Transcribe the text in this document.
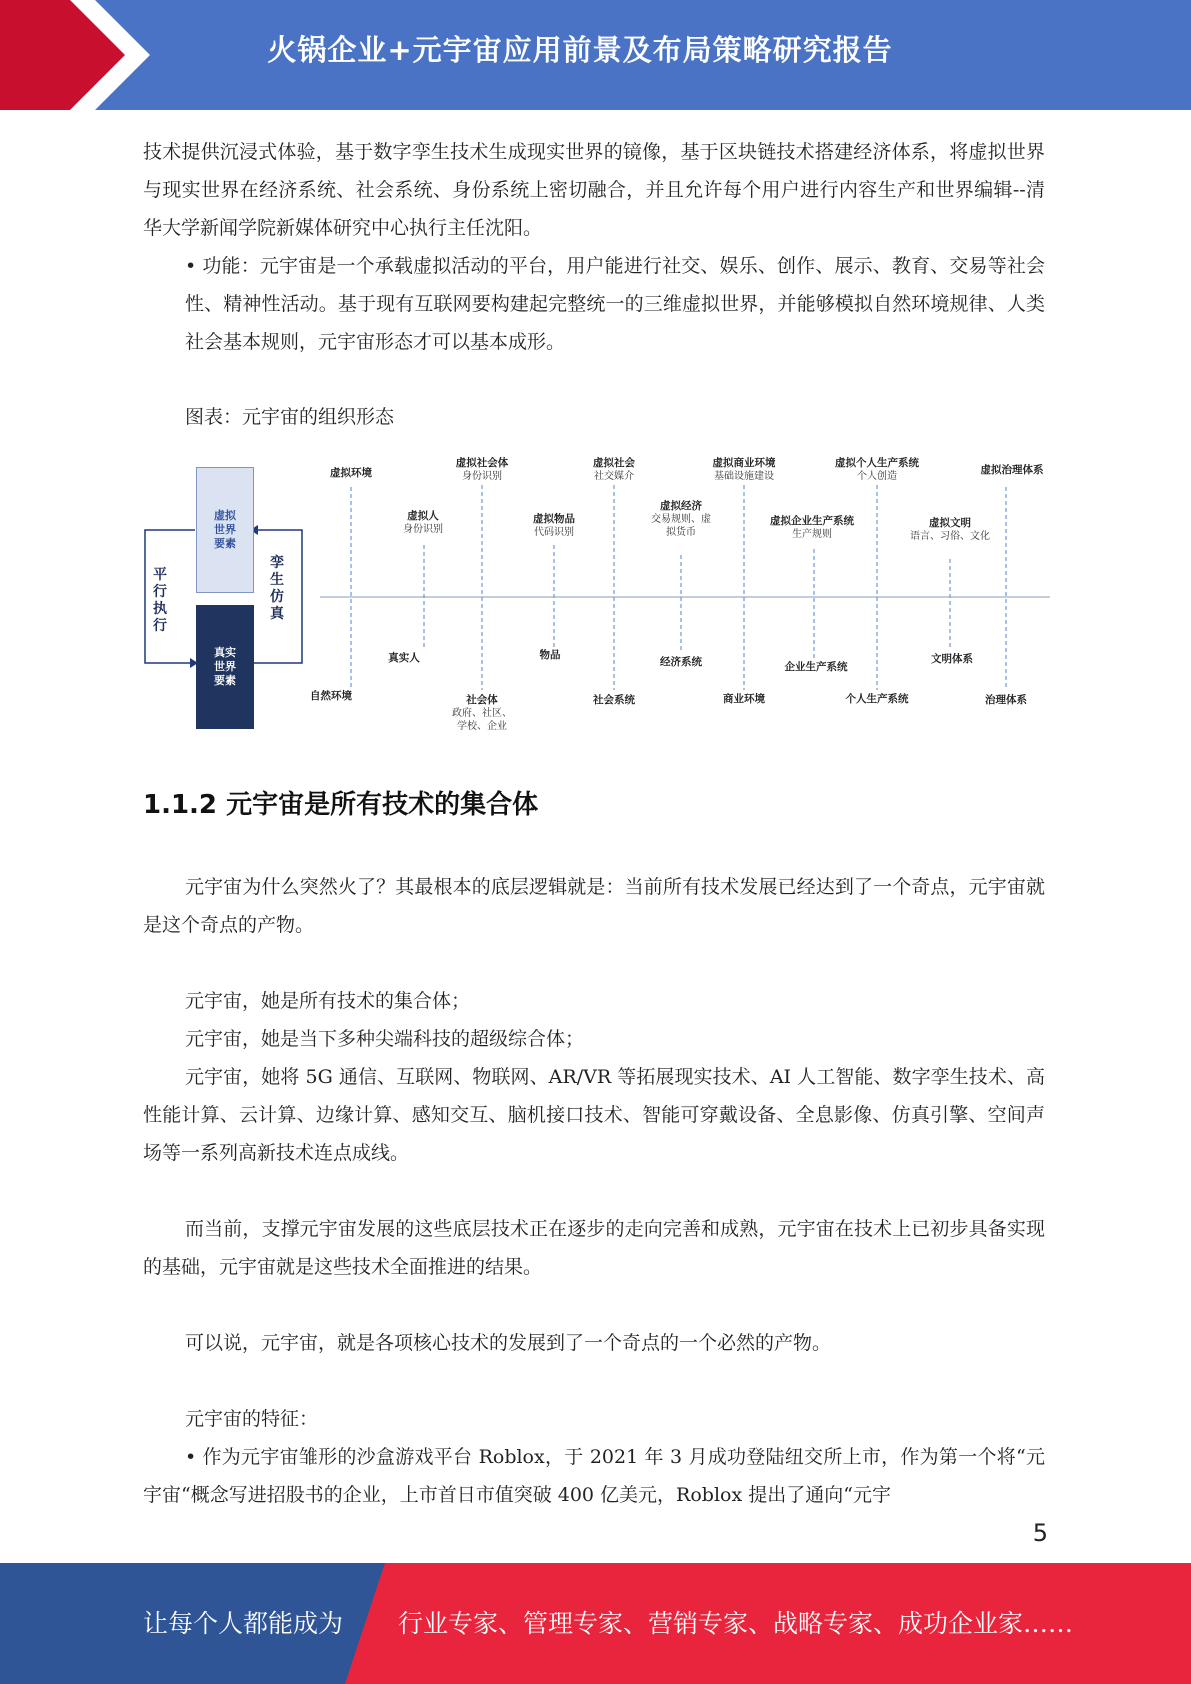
火锅企业+元宇宙应用前景及布局策略研究报告

技术提供沉浸式体验，基于数字孪生技术生成现实世界的镜像，基于区块链技术搭建经济体系，将虚拟世界与现实世界在经济系统、社会系统、身份系统上密切融合，并且允许每个用户进行内容生产和世界编辑--清华大学新闻学院新媒体研究中心执行主任沈阳。

• 功能：元宇宙是一个承载虚拟活动的平台，用户能进行社交、娱乐、创作、展示、教育、交易等社会性、精神性活动。基于现有互联网要构建起完整统一的三维虚拟世界，并能够模拟自然环境规律、人类社会基本规则，元宇宙形态才可以基本成形。

图表：元宇宙的组织形态
虚拟世界要素
真实世界要素
平行执行
孪生仿真
虚拟环境
虚拟社会体
身份识别
虚拟社会
社交媒介
虚拟商业环境
基础设施建设
虚拟个人生产系统
个人创造
虚拟治理体系
虚拟人
身份识别
虚拟物品
代码识别
虚拟经济
交易规则、虚拟货币
虚拟企业生产系统
生产规则
虚拟文明
语言、习俗、文化
真实人	物品
经济系统	企业生产系统
文明体系
自然环境	社会体
政府、社区、学校、企业
社会系统	商业环境	个人生产系统	治理体系
1.1.2 元宇宙是所有技术的集合体

元宇宙为什么突然火了？其最根本的底层逻辑就是：当前所有技术发展已经达到了一个奇点，元宇宙就是这个奇点的产物。

元宇宙，她是所有技术的集合体；

元宇宙，她是当下多种尖端科技的超级综合体；

元宇宙，她将 5G 通信、互联网、物联网、AR/VR 等拓展现实技术、AI 人工智能、数字孪生技术、高性能计算、云计算、边缘计算、感知交互、脑机接口技术、智能可穿戴设备、全息影像、仿真引擎、空间声场等一系列高新技术连点成线。

而当前，支撑元宇宙发展的这些底层技术正在逐步的走向完善和成熟，元宇宙在技术上已初步具备实现的基础，元宇宙就是这些技术全面推进的结果。

可以说，元宇宙，就是各项核心技术的发展到了一个奇点的一个必然的产物。

元宇宙的特征：

• 作为元宇宙雏形的沙盒游戏平台 Roblox，于 2021 年 3 月成功登陆纽交所上市，作为第一个将“元宇宙“概念写进招股书的企业，上市首日市值突破 400 亿美元，Roblox 提出了通向“元宇

5
让每个人都能成为 行业专家、管理专家、营销专家、战略专家、成功企业家……
